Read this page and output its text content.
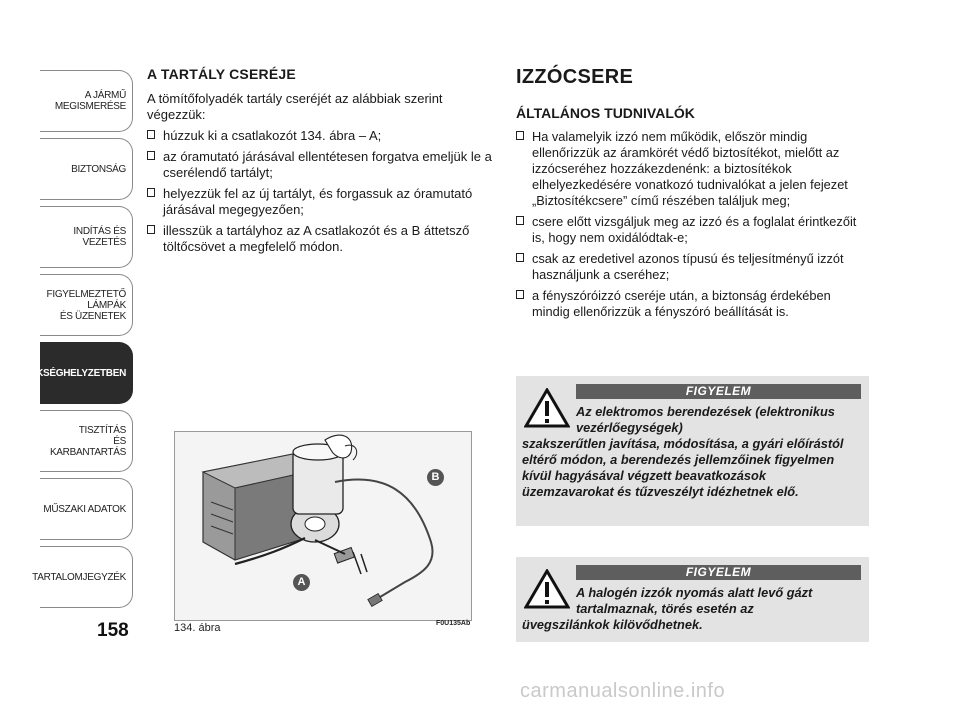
A JÁRMŰ
MEGISMERÉSE
BIZTONSÁG
INDÍTÁS ÉS VEZETÉS
FIGYELMEZTETŐ
LÁMPÁK
ÉS ÜZENETEK
SZÜKSÉGHELYZETBEN
TISZTÍTÁS
ÉS KARBANTARTÁS
MŰSZAKI ADATOK
TARTALOMJEGYZÉK
158
A TARTÁLY CSERÉJE

A tömítőfolyadék tartály cseréjét az alábbiak szerint végezzük:

húzzuk ki a csatlakozót 134. ábra – A;
az óramutató járásával ellentétesen forgatva emeljük le a cserélendő tartályt;
helyezzük fel az új tartályt, és forgassuk az óramutató járásával megegyezően;
illesszük a tartályhoz az A csatlakozót és a B áttetsző töltőcsövet a megfelelő módon.
A
B
F0U135Ab
134. ábra
IZZÓCSERE
ÁLTALÁNOS TUDNIVALÓK
Ha valamelyik izzó nem működik, először mindig ellenőrizzük az áramkörét védő biztosítékot, mielőtt az izzócseréhez hozzákezdenénk: a biztosítékok elhelyezkedésére vonatkozó tudnivalókat a jelen fejezet „Biztosítékcsere” című részében találjuk meg;
csere előtt vizsgáljuk meg az izzó és a foglalat érintkezőit is, hogy nem oxidálódtak-e;
csak az eredetivel azonos típusú és teljesítményű izzót használjunk a cseréhez;
a fényszóróizzó cseréje után, a biztonság érdekében mindig ellenőrizzük a fényszóró beállítását is.
FIGYELEM
Az elektromos berendezések (elektronikus vezérlőegységek)
szakszerűtlen javítása, módosítása, a gyári előírástól eltérő módon, a berendezés jellemzőinek figyelmen kívül hagyásával végzett beavatkozások üzemzavarokat és tűzveszélyt idézhetnek elő.
FIGYELEM
A halogén izzók nyomás alatt levő gázt tartalmaznak, törés esetén az
üvegszilánkok kilövődhetnek.
carmanualsonline.info
